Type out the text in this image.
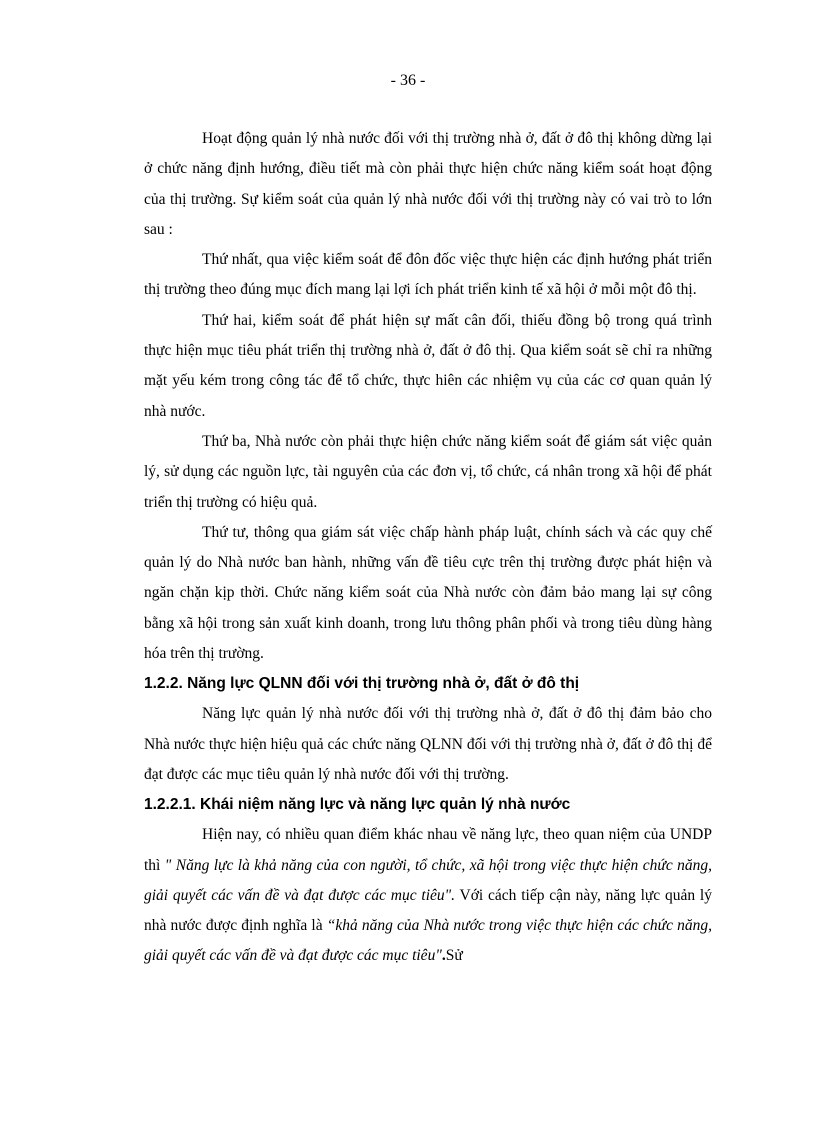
- 36 -

Hoạt động quản lý nhà nước đối với thị trường nhà ở, đất ở đô thị không dừng lại ở chức năng định hướng, điều tiết mà còn phải thực hiện chức năng kiểm soát hoạt động của thị trường. Sự kiểm soát của quản lý nhà nước đối với thị trường này có vai trò to lớn sau :

Thứ nhất, qua việc kiểm soát để đôn đốc việc thực hiện các định hướng phát triển thị trường theo đúng mục đích mang lại lợi ích phát triển kinh tế xã hội ở mỗi một đô thị.

Thứ hai, kiểm soát để phát hiện sự mất cân đối, thiếu đồng bộ trong quá trình thực hiện mục tiêu phát triển thị trường nhà ở, đất ở đô thị. Qua kiểm soát sẽ chỉ ra những mặt yếu kém trong công tác để tổ chức, thực hiên các nhiệm vụ của các cơ quan quản lý nhà nước.

Thứ ba, Nhà nước còn phải thực hiện chức năng kiểm soát để giám sát việc quản lý, sử dụng các nguồn lực, tài nguyên của các đơn vị, tổ chức, cá nhân trong xã hội để phát triển thị trường có hiệu quả.

Thứ tư, thông qua giám sát việc chấp hành pháp luật, chính sách và các quy chế quản lý do Nhà nước ban hành, những vấn đề tiêu cực trên thị trường được phát hiện và ngăn chặn kịp thời. Chức năng kiểm soát của Nhà nước còn đảm bảo mang lại sự công bằng xã hội trong sản xuất kinh doanh, trong lưu thông phân phối và trong tiêu dùng hàng hóa trên thị trường.

1.2.2. Năng lực QLNN đối với thị trường nhà ở, đất ở đô thị

Năng lực quản lý nhà nước đối với thị trường nhà ở, đất ở đô thị đảm bảo cho Nhà nước thực hiện hiệu quả các chức năng QLNN đối với thị trường nhà ở, đất ở đô thị để đạt được các mục tiêu quản lý nhà nước đối với thị trường.

1.2.2.1. Khái niệm năng lực và năng lực quản lý nhà nước

Hiện nay, có nhiều quan điểm khác nhau về năng lực, theo quan niệm của UNDP thì " Năng lực là khả năng của con người, tổ chức, xã hội trong việc thực hiện chức năng, giải quyết các vấn đề và đạt được các mục tiêu". Với cách tiếp cận này, năng lực quản lý nhà nước được định nghĩa là “khả năng của Nhà nước trong việc thực hiện các chức năng, giải quyết các vấn đề và đạt được các mục tiêu".Sử
